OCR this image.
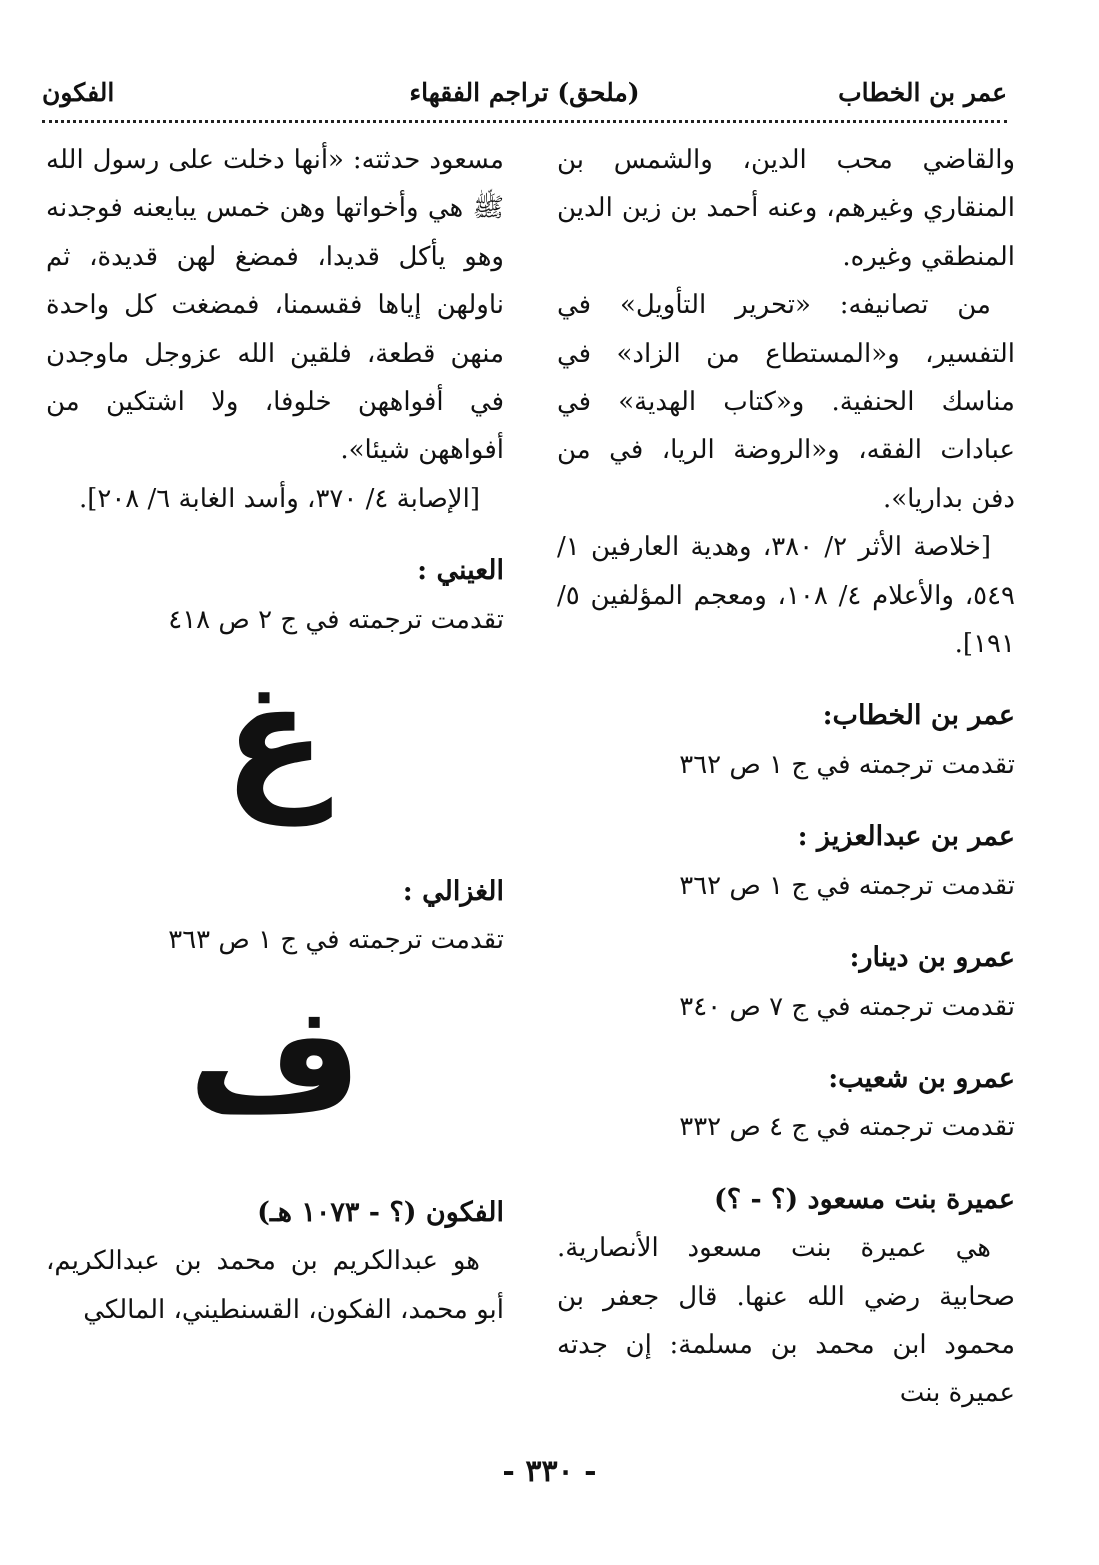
عمر بن الخطاب
(ملحق) تراجم الفقهاء
الفكون

والقاضي محب الدين، والشمس بن المنقاري وغيرهم، وعنه أحمد بن زين الدين المنطقي وغيره.

من تصانيفه: «تحرير التأويل» في التفسير، و«المستطاع من الزاد» في مناسك الحنفية. و«كتاب الهدية» في عبادات الفقه، و«الروضة الريا، في من دفن بداريا».

[خلاصة الأثر ٢/ ٣٨٠، وهدية العارفين ١/ ٥٤٩، والأعلام ٤/ ١٠٨، ومعجم المؤلفين ٥/ ١٩١].

عمر بن الخطاب:

تقدمت ترجمته في ج ١ ص ٣٦٢

عمر بن عبدالعزيز :

تقدمت ترجمته في ج ١ ص ٣٦٢

عمرو بن دينار:

تقدمت ترجمته في ج ٧ ص ٣٤٠

عمرو بن شعيب:

تقدمت ترجمته في ج ٤ ص ٣٣٢

عميرة بنت مسعود (؟ - ؟)

هي عميرة بنت مسعود الأنصارية. صحابية رضي الله عنها. قال جعفر بن محمود ابن محمد بن مسلمة: إن جدته عميرة بنت

مسعود حدثته: «أنها دخلت على رسول الله ﷺ هي وأخواتها وهن خمس يبايعنه فوجدنه وهو يأكل قديدا، فمضغ لهن قديدة، ثم ناولهن إياها فقسمنا، فمضغت كل واحدة منهن قطعة، فلقين الله عزوجل ماوجدن في أفواههن خلوفا، ولا اشتكين من أفواههن شيئا».

[الإصابة ٤/ ٣٧٠، وأسد الغابة ٦/ ٢٠٨].

العيني :

تقدمت ترجمته في ج ٢ ص ٤١٨

غ

الغزالي :

تقدمت ترجمته في ج ١ ص ٣٦٣

ف

الفكون (؟ - ١٠٧٣ هـ)

هو عبدالكريم بن محمد بن عبدالكريم، أبو محمد، الفكون، القسنطيني، المالكي

- ٣٣٠ -
